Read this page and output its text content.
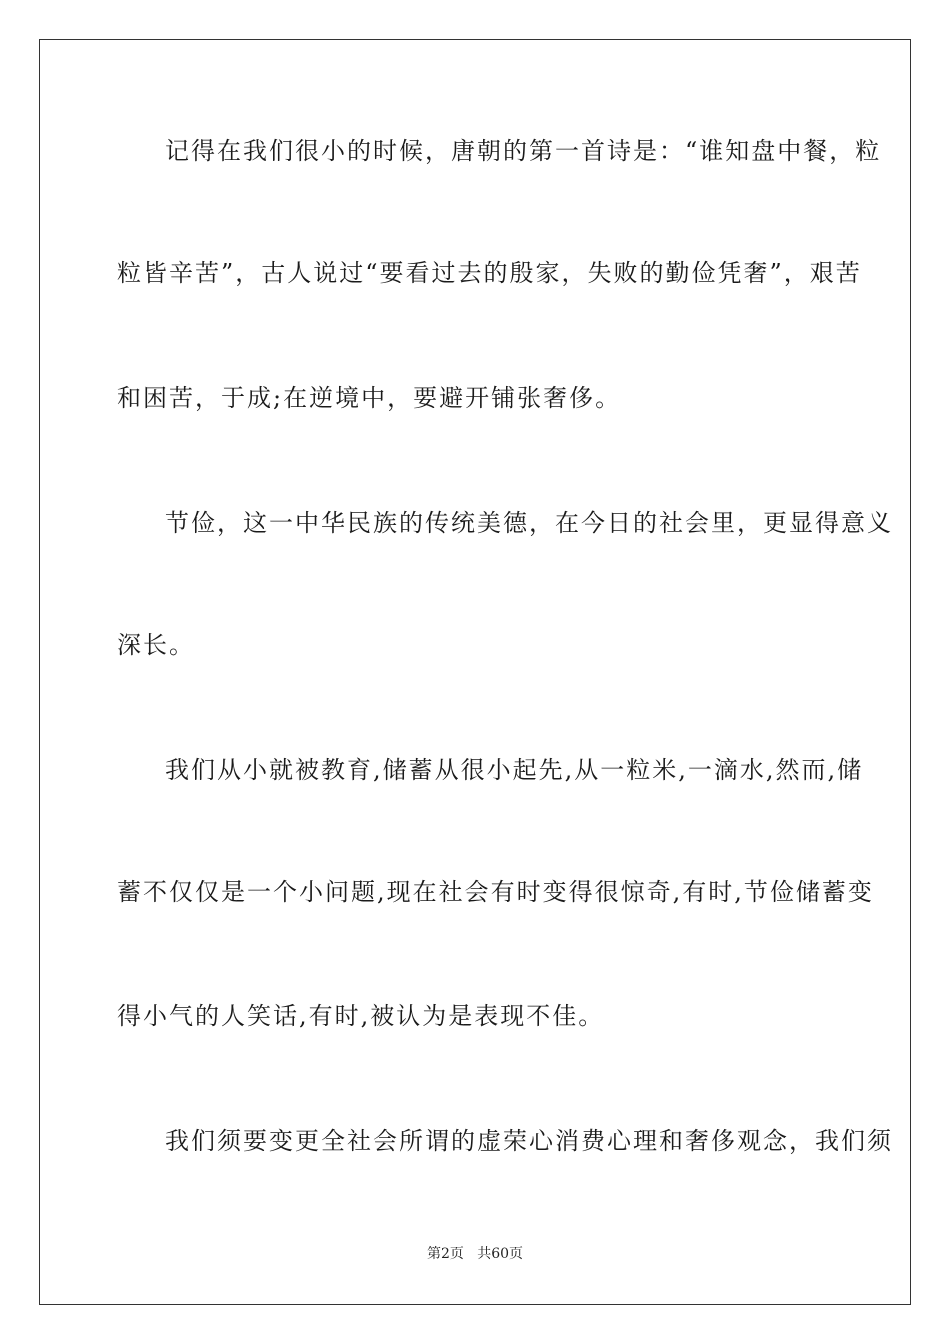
记得在我们很小的时候，唐朝的第一首诗是：“谁知盘中餐，粒
粒皆辛苦”，古人说过“要看过去的殷家，失败的勤俭凭奢”，艰苦
和困苦，于成;在逆境中，要避开铺张奢侈。
节俭，这一中华民族的传统美德，在今日的社会里，更显得意义
深长。
我们从小就被教育,储蓄从很小起先,从一粒米,一滴水,然而,储
蓄不仅仅是一个小问题,现在社会有时变得很惊奇,有时,节俭储蓄变
得小气的人笑话,有时,被认为是表现不佳。
我们须要变更全社会所谓的虚荣心消费心理和奢侈观念，我们须
第2页   共60页
